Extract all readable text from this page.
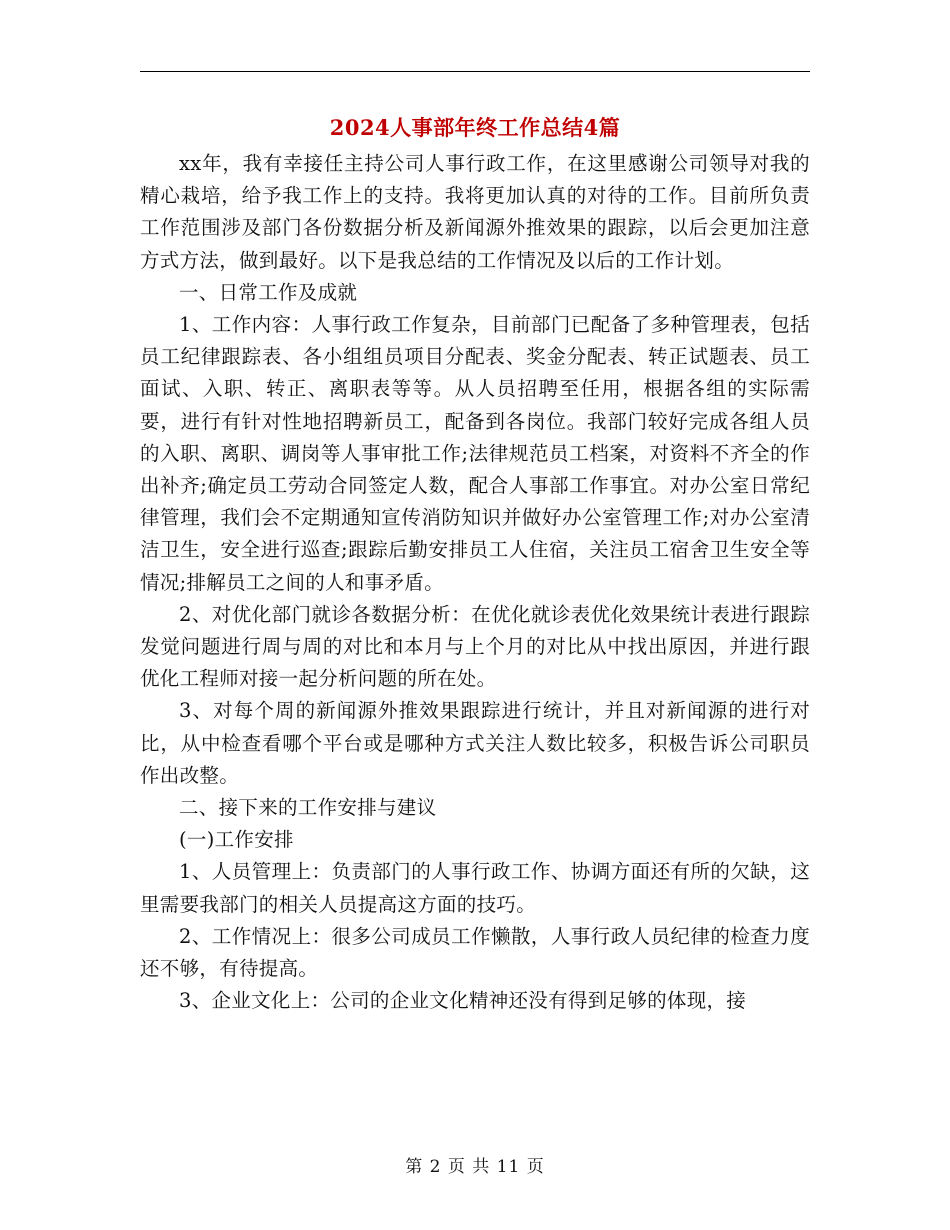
2024人事部年终工作总结4篇

xx年，我有幸接任主持公司人事行政工作，在这里感谢公司领导对我的精心栽培，给予我工作上的支持。我将更加认真的对待的工作。目前所负责工作范围涉及部门各份数据分析及新闻源外推效果的跟踪，以后会更加注意方式方法，做到最好。以下是我总结的工作情况及以后的工作计划。

一、日常工作及成就

1、工作内容：人事行政工作复杂，目前部门已配备了多种管理表，包括员工纪律跟踪表、各小组组员项目分配表、奖金分配表、转正试题表、员工面试、入职、转正、离职表等等。从人员招聘至任用，根据各组的实际需要，进行有针对性地招聘新员工，配备到各岗位。我部门较好完成各组人员的入职、离职、调岗等人事审批工作;法律规范员工档案，对资料不齐全的作出补齐;确定员工劳动合同签定人数，配合人事部工作事宜。对办公室日常纪律管理，我们会不定期通知宣传消防知识并做好办公室管理工作;对办公室清洁卫生，安全进行巡查;跟踪后勤安排员工人住宿，关注员工宿舍卫生安全等情况;排解员工之间的人和事矛盾。

2、对优化部门就诊各数据分析：在优化就诊表优化效果统计表进行跟踪发觉问题进行周与周的对比和本月与上个月的对比从中找出原因，并进行跟优化工程师对接一起分析问题的所在处。

3、对每个周的新闻源外推效果跟踪进行统计，并且对新闻源的进行对比，从中检查看哪个平台或是哪种方式关注人数比较多，积极告诉公司职员作出改整。

二、接下来的工作安排与建议

(一)工作安排

1、人员管理上：负责部门的人事行政工作、协调方面还有所的欠缺，这里需要我部门的相关人员提高这方面的技巧。

2、工作情况上：很多公司成员工作懒散，人事行政人员纪律的检查力度还不够，有待提高。

3、企业文化上：公司的企业文化精神还没有得到足够的体现，接

第 2 页 共 11 页
